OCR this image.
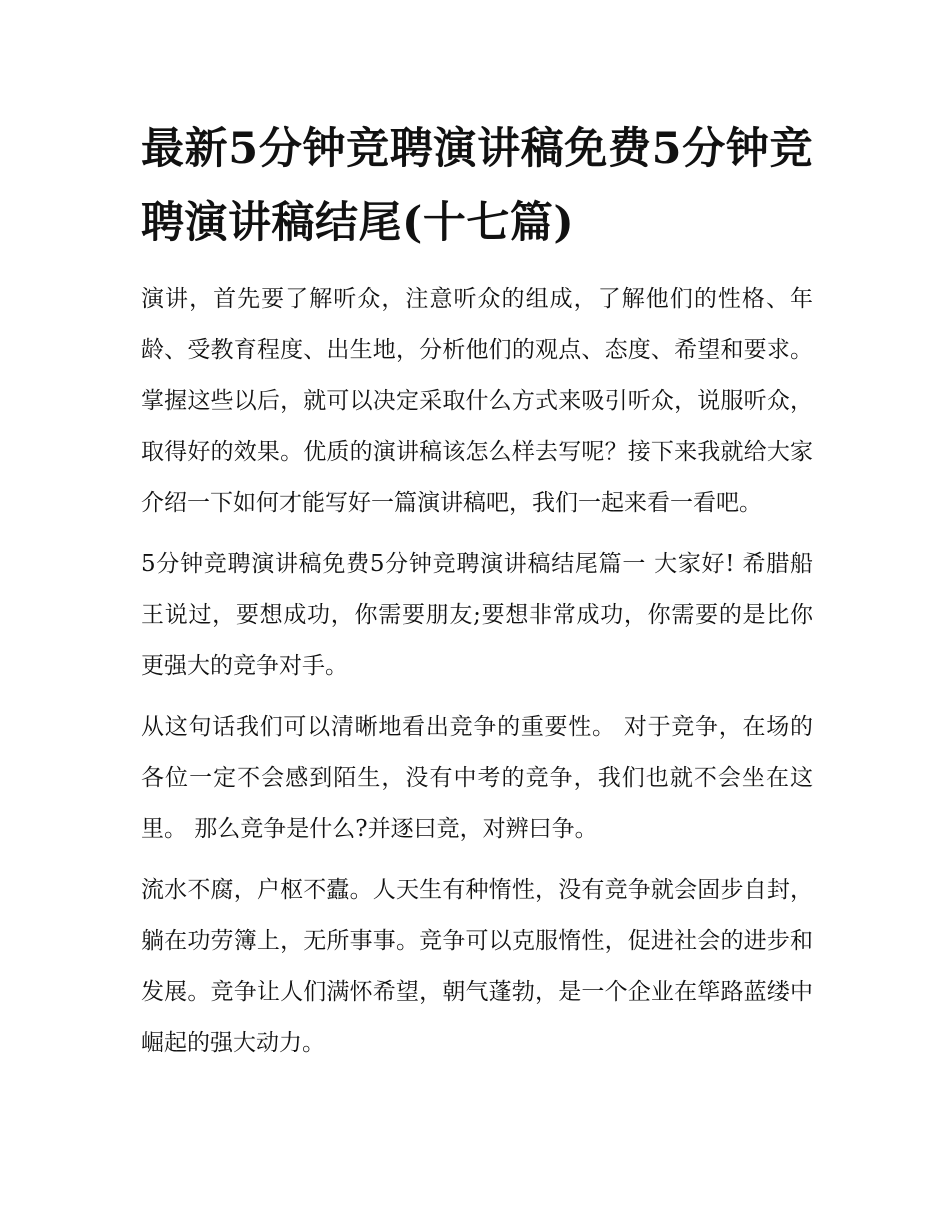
最新5分钟竞聘演讲稿免费5分钟竞聘演讲稿结尾(十七篇)

演讲，首先要了解听众，注意听众的组成，了解他们的性格、年龄、受教育程度、出生地，分析他们的观点、态度、希望和要求。掌握这些以后，就可以决定采取什么方式来吸引听众，说服听众，取得好的效果。优质的演讲稿该怎么样去写呢？接下来我就给大家介绍一下如何才能写好一篇演讲稿吧，我们一起来看一看吧。

5分钟竞聘演讲稿免费5分钟竞聘演讲稿结尾篇一 大家好! 希腊船王说过，要想成功，你需要朋友;要想非常成功，你需要的是比你更强大的竞争对手。

从这句话我们可以清晰地看出竞争的重要性。 对于竞争，在场的各位一定不会感到陌生，没有中考的竞争，我们也就不会坐在这里。 那么竞争是什么?并逐曰竞，对辨曰争。

流水不腐，户枢不蠹。人天生有种惰性，没有竞争就会固步自封，躺在功劳簿上，无所事事。竞争可以克服惰性，促进社会的进步和发展。竞争让人们满怀希望，朝气蓬勃，是一个企业在筚路蓝缕中崛起的强大动力。
